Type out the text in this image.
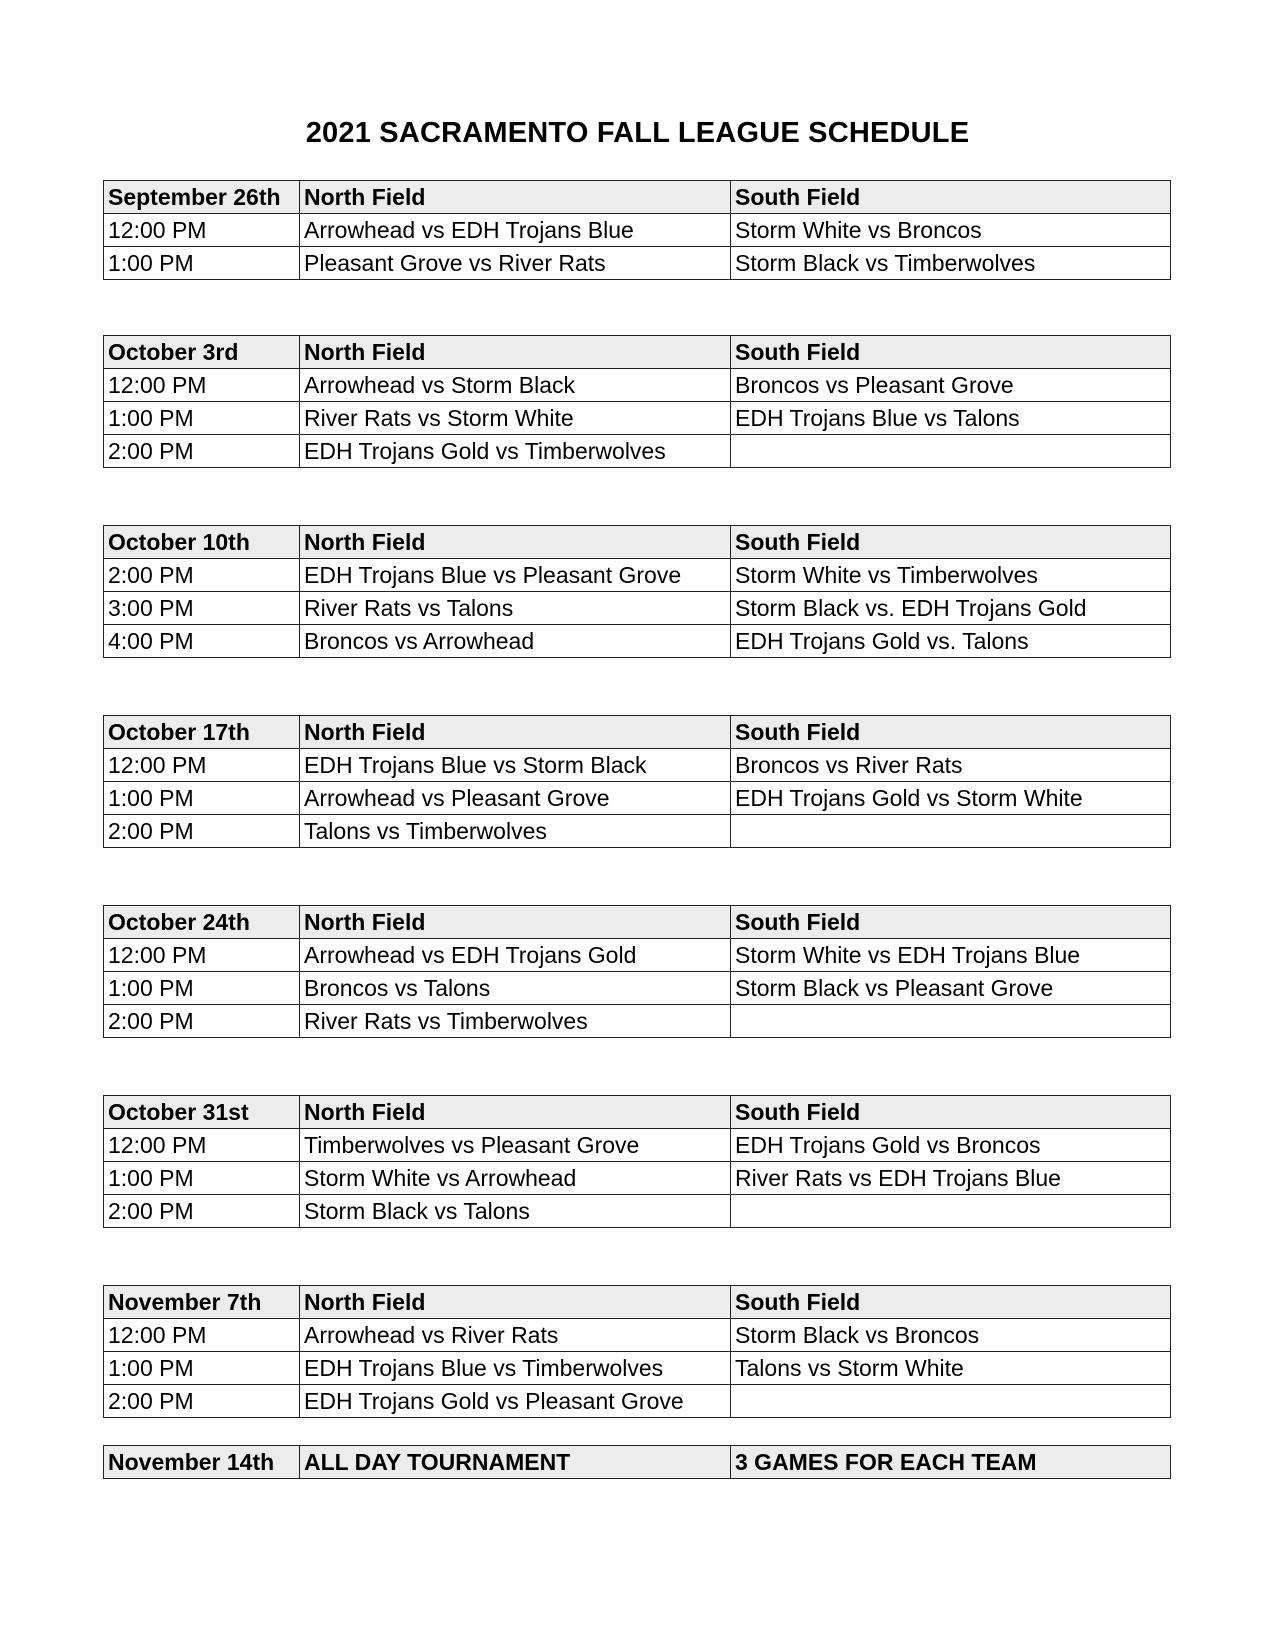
2021 SACRAMENTO FALL LEAGUE SCHEDULE
September 26th	North Field	South Field
12:00 PM	Arrowhead vs EDH Trojans Blue	Storm White vs Broncos
1:00 PM	Pleasant Grove vs River Rats	Storm Black vs Timberwolves
October 3rd	North Field	South Field
12:00 PM	Arrowhead vs Storm Black	Broncos vs Pleasant Grove
1:00 PM	River Rats vs Storm White	EDH Trojans Blue vs Talons
2:00 PM	EDH Trojans Gold vs Timberwolves	
October 10th	North Field	South Field
2:00 PM	EDH Trojans Blue vs Pleasant Grove	Storm White vs Timberwolves
3:00 PM	River Rats vs Talons	Storm Black vs. EDH Trojans Gold
4:00 PM	Broncos vs Arrowhead	EDH Trojans Gold vs. Talons
October 17th	North Field	South Field
12:00 PM	EDH Trojans Blue vs Storm Black	Broncos vs River Rats
1:00 PM	Arrowhead vs Pleasant Grove	EDH Trojans Gold vs Storm White
2:00 PM	Talons vs Timberwolves	
October 24th	North Field	South Field
12:00 PM	Arrowhead vs EDH Trojans Gold	Storm White vs EDH Trojans Blue
1:00 PM	Broncos vs Talons	Storm Black vs Pleasant Grove
2:00 PM	River Rats vs Timberwolves	
October 31st	North Field	South Field
12:00 PM	Timberwolves vs Pleasant Grove	EDH Trojans Gold vs Broncos
1:00 PM	Storm White vs Arrowhead	River Rats vs EDH Trojans Blue
2:00 PM	Storm Black vs Talons	
November 7th	North Field	South Field
12:00 PM	Arrowhead vs River Rats	Storm Black vs Broncos
1:00 PM	EDH Trojans Blue vs Timberwolves	Talons vs Storm White
2:00 PM	EDH Trojans Gold vs Pleasant Grove	
November 14th	ALL DAY TOURNAMENT	3 GAMES FOR EACH TEAM
